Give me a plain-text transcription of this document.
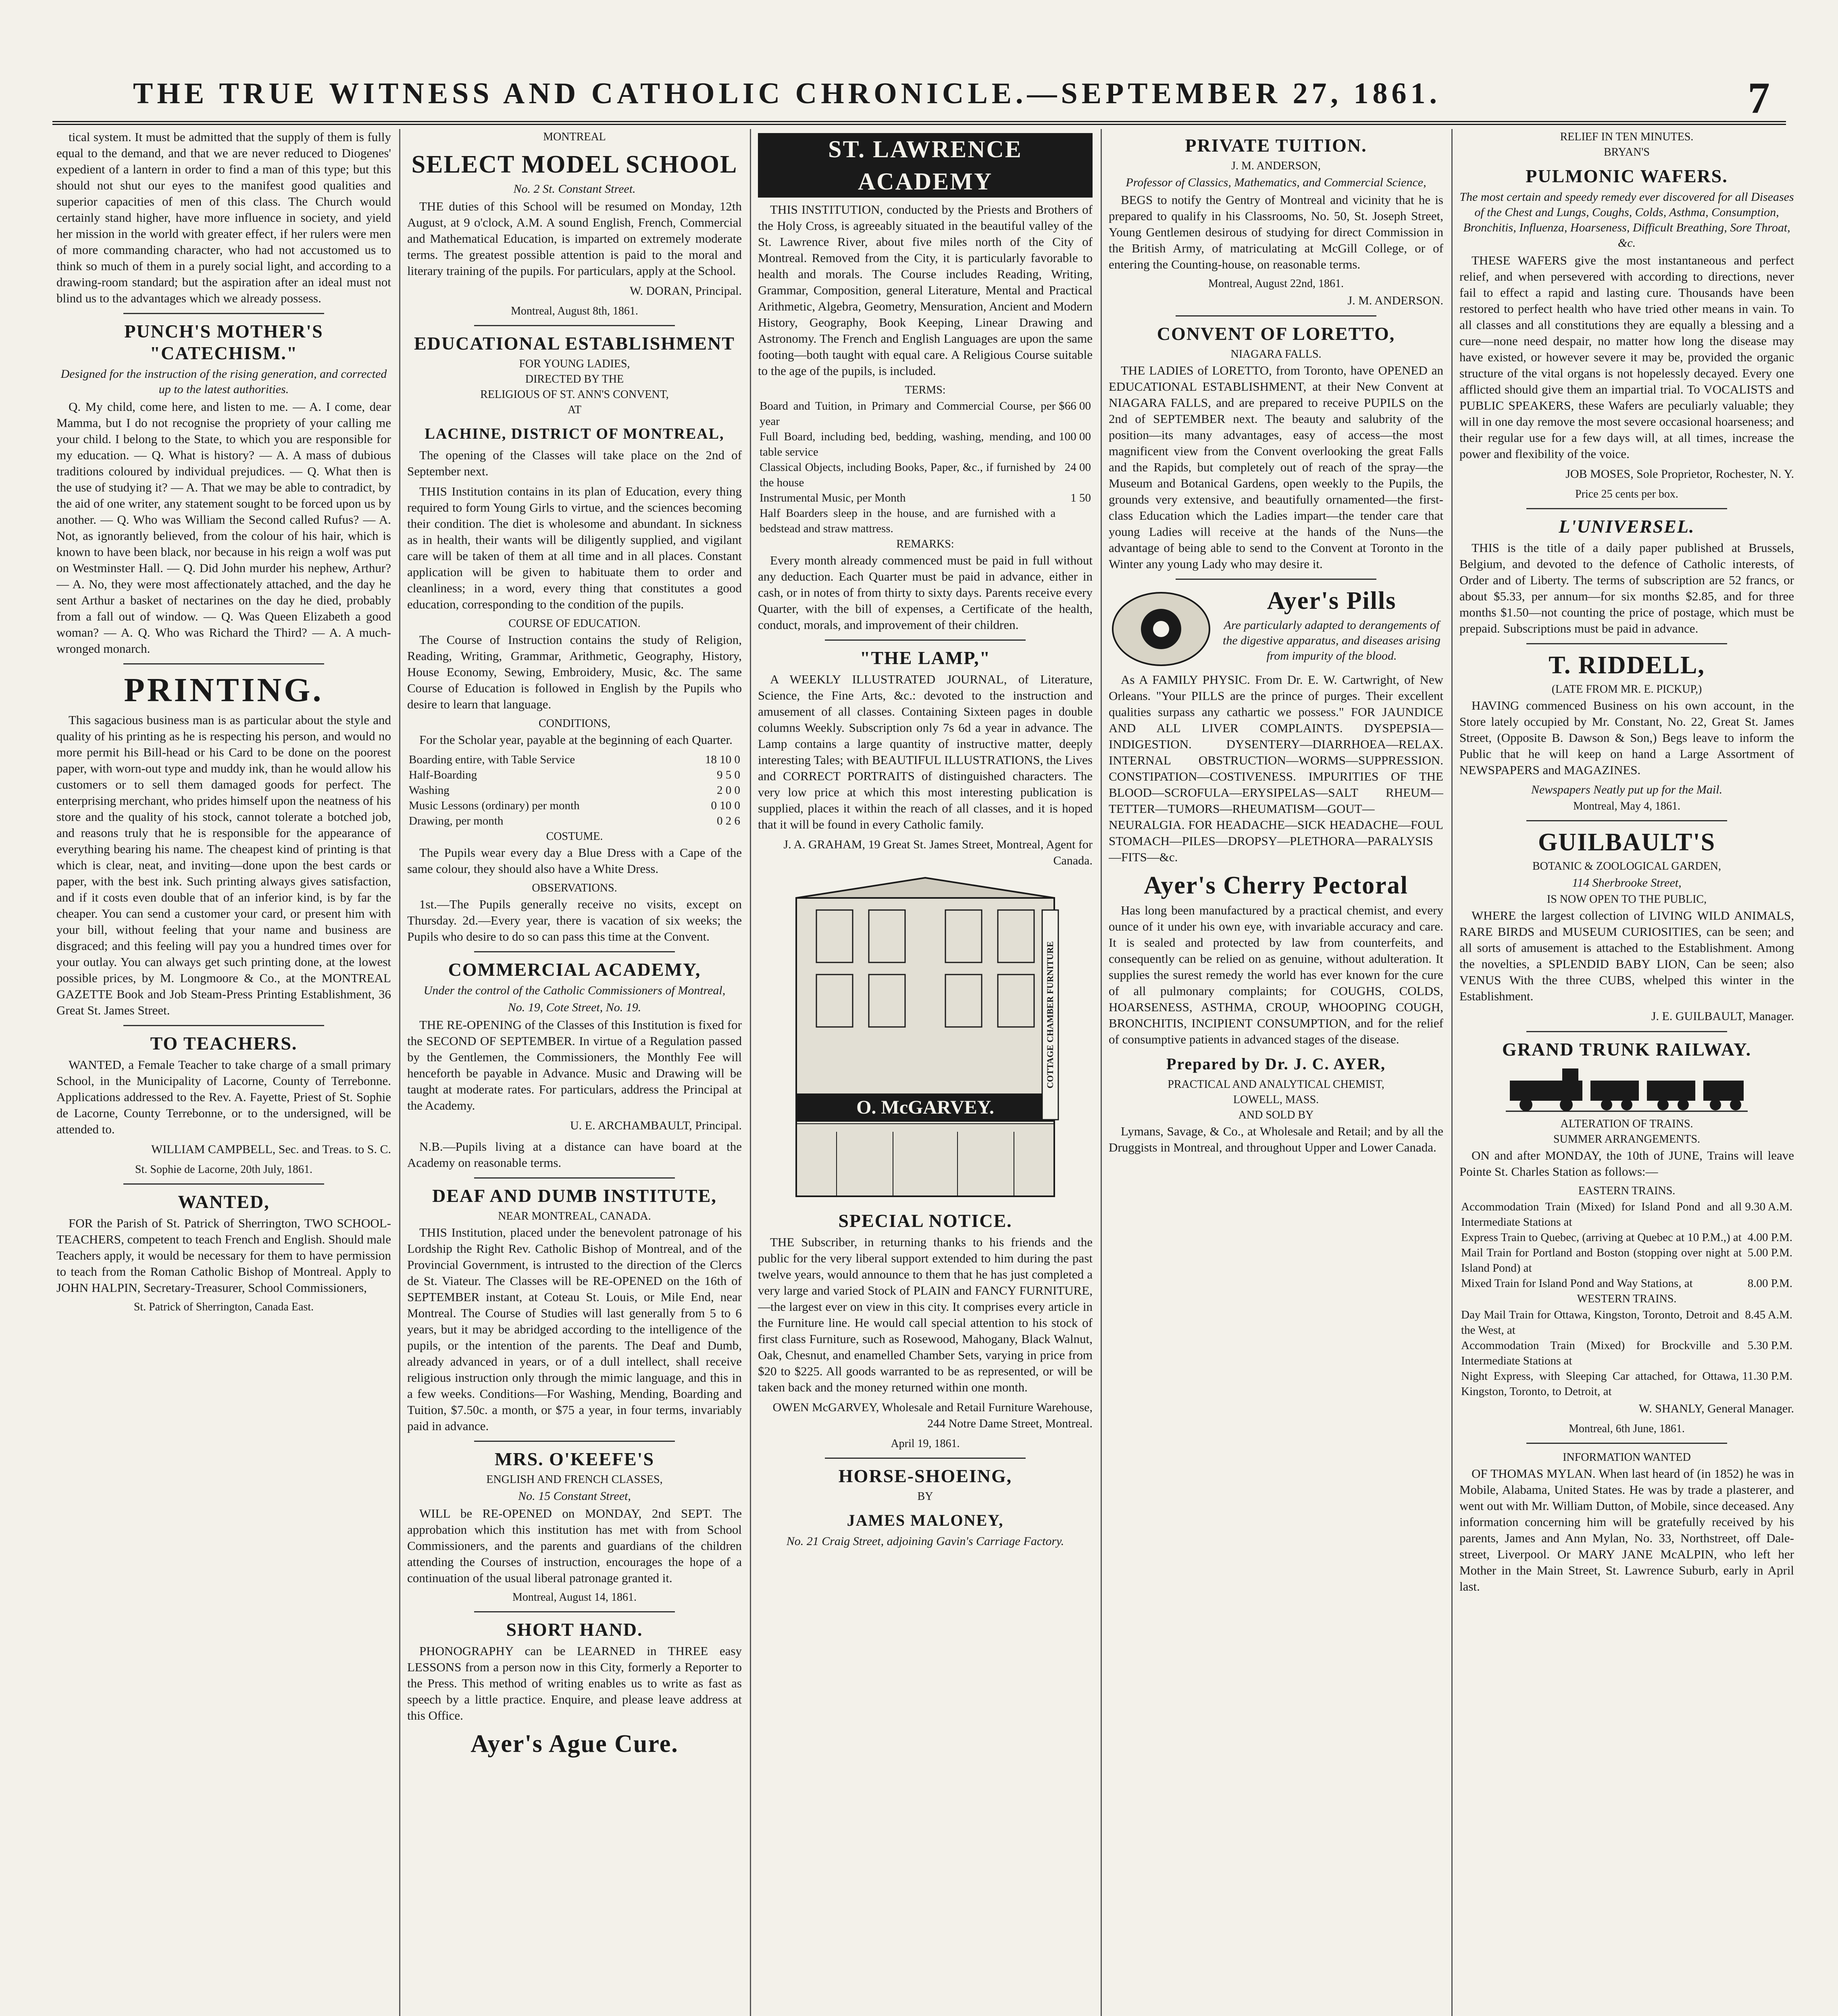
THE TRUE WITNESS AND CATHOLIC CHRONICLE.—SEPTEMBER 27, 1861.	7

tical system. It must be admitted that the supply of them is fully equal to the demand, and that we are never reduced to Diogenes' expedient of a lantern in order to find a man of this type; but this should not shut our eyes to the manifest good qualities and superior capacities of men of this class. The Church would certainly stand higher, have more influence in society, and yield her mission in the world with greater effect, if her rulers were men of more commanding character, who had not accustomed us to think so much of them in a purely social light, and according to a drawing-room standard; but the aspiration after an ideal must not blind us to the advantages which we already possess.

PUNCH'S MOTHER'S "CATECHISM."
Designed for the instruction of the rising generation, and corrected up to the latest authorities.

Q. My child, come here, and listen to me. — A. I come, dear Mamma, but I do not recognise the propriety of your calling me your child. I belong to the State, to which you are responsible for my education. — Q. What is history? — A. A mass of dubious traditions coloured by individual prejudices. — Q. What then is the use of studying it? — A. That we may be able to contradict, by the aid of one writer, any statement sought to be forced upon us by another. — Q. Who was William the Second called Rufus? — A. Not, as ignorantly believed, from the colour of his hair, which is known to have been black, nor because in his reign a wolf was put on Westminster Hall. — Q. Did John murder his nephew, Arthur? — A. No, they were most affectionately attached, and the day he sent Arthur a basket of nectarines on the day he died, probably from a fall out of window. — Q. Was Queen Elizabeth a good woman? — A. Q. Who was Richard the Third? — A. A much-wronged monarch.

PRINTING.

This sagacious business man is as particular about the style and quality of his printing as he is respecting his person, and would no more permit his Bill-head or his Card to be done on the poorest paper, with worn-out type and muddy ink, than he would allow his customers or to sell them damaged goods for perfect. The enterprising merchant, who prides himself upon the neatness of his store and the quality of his stock, cannot tolerate a botched job, and reasons truly that he is responsible for the appearance of everything bearing his name. The cheapest kind of printing is that which is clear, neat, and inviting—done upon the best cards or paper, with the best ink. Such printing always gives satisfaction, and if it costs even double that of an inferior kind, is by far the cheaper. You can send a customer your card, or present him with your bill, without feeling that your name and business are disgraced; and this feeling will pay you a hundred times over for your outlay. You can always get such printing done, at the lowest possible prices, by M. Longmoore & Co., at the MONTREAL GAZETTE Book and Job Steam-Press Printing Establishment, 36 Great St. James Street.

TO TEACHERS.

WANTED, a Female Teacher to take charge of a small primary School, in the Municipality of Lacorne, County of Terrebonne. Applications addressed to the Rev. A. Fayette, Priest of St. Sophie de Lacorne, County Terrebonne, or to the undersigned, will be attended to.

WILLIAM CAMPBELL, Sec. and Treas. to S. C.
St. Sophie de Lacorne, 20th July, 1861.
WANTED,

FOR the Parish of St. Patrick of Sherrington, TWO SCHOOL-TEACHERS, competent to teach French and English. Should male Teachers apply, it would be necessary for them to have permission to teach from the Roman Catholic Bishop of Montreal. Apply to JOHN HALPIN, Secretary-Treasurer, School Commissioners,

St. Patrick of Sherrington, Canada East.
MONTREAL
SELECT MODEL SCHOOL
No. 2 St. Constant Street.

THE duties of this School will be resumed on Monday, 12th August, at 9 o'clock, A.M. A sound English, French, Commercial and Mathematical Education, is imparted on extremely moderate terms. The greatest possible attention is paid to the moral and literary training of the pupils. For particulars, apply at the School.

W. DORAN, Principal.
Montreal, August 8th, 1861.
EDUCATIONAL ESTABLISHMENT
FOR YOUNG LADIES,
DIRECTED BY THE
RELIGIOUS OF ST. ANN'S CONVENT,
AT
LACHINE, DISTRICT OF MONTREAL,

The opening of the Classes will take place on the 2nd of September next.

THIS Institution contains in its plan of Education, every thing required to form Young Girls to virtue, and the sciences becoming their condition. The diet is wholesome and abundant. In sickness as in health, their wants will be diligently supplied, and vigilant care will be taken of them at all time and in all places. Constant application will be given to habituate them to order and cleanliness; in a word, every thing that constitutes a good education, corresponding to the condition of the pupils.

COURSE OF EDUCATION.

The Course of Instruction contains the study of Religion, Reading, Writing, Grammar, Arithmetic, Geography, History, House Economy, Sewing, Embroidery, Music, &c. The same Course of Education is followed in English by the Pupils who desire to learn that language.

CONDITIONS,

For the Scholar year, payable at the beginning of each Quarter.

Boarding entire, with Table Service	18 10 0
Half-Boarding	9 5 0
Washing	2 0 0
Music Lessons (ordinary) per month	0 10 0
Drawing, per month	0 2 6
COSTUME.

The Pupils wear every day a Blue Dress with a Cape of the same colour, they should also have a White Dress.

OBSERVATIONS.

1st.—The Pupils generally receive no visits, except on Thursday. 2d.—Every year, there is vacation of six weeks; the Pupils who desire to do so can pass this time at the Convent.

COMMERCIAL ACADEMY,
Under the control of the Catholic Commissioners of Montreal,
No. 19, Cote Street, No. 19.

THE RE-OPENING of the Classes of this Institution is fixed for the SECOND OF SEPTEMBER. In virtue of a Regulation passed by the Gentlemen, the Commissioners, the Monthly Fee will henceforth be payable in Advance. Music and Drawing will be taught at moderate rates. For particulars, address the Principal at the Academy.

U. E. ARCHAMBAULT, Principal.

N.B.—Pupils living at a distance can have board at the Academy on reasonable terms.

DEAF AND DUMB INSTITUTE,
NEAR MONTREAL, CANADA.

THIS Institution, placed under the benevolent patronage of his Lordship the Right Rev. Catholic Bishop of Montreal, and of the Provincial Government, is intrusted to the direction of the Clercs de St. Viateur. The Classes will be RE-OPENED on the 16th of SEPTEMBER instant, at Coteau St. Louis, or Mile End, near Montreal. The Course of Studies will last generally from 5 to 6 years, but it may be abridged according to the intelligence of the pupils, or the intention of the parents. The Deaf and Dumb, already advanced in years, or of a dull intellect, shall receive religious instruction only through the mimic language, and this in a few weeks. Conditions—For Washing, Mending, Boarding and Tuition, $7.50c. a month, or $75 a year, in four terms, invariably paid in advance.

MRS. O'KEEFE'S
ENGLISH AND FRENCH CLASSES,
No. 15 Constant Street,

WILL be RE-OPENED on MONDAY, 2nd SEPT. The approbation which this institution has met with from School Commissioners, and the parents and guardians of the children attending the Courses of instruction, encourages the hope of a continuation of the usual liberal patronage granted it.

Montreal, August 14, 1861.
SHORT HAND.

PHONOGRAPHY can be LEARNED in THREE easy LESSONS from a person now in this City, formerly a Reporter to the Press. This method of writing enables us to write as fast as speech by a little practice. Enquire, and please leave address at this Office.

Ayer's Ague Cure.
ST. LAWRENCE ACADEMY

THIS INSTITUTION, conducted by the Priests and Brothers of the Holy Cross, is agreeably situated in the beautiful valley of the St. Lawrence River, about five miles north of the City of Montreal. Removed from the City, it is particularly favorable to health and morals. The Course includes Reading, Writing, Grammar, Composition, general Literature, Mental and Practical Arithmetic, Algebra, Geometry, Mensuration, Ancient and Modern History, Geography, Book Keeping, Linear Drawing and Astronomy. The French and English Languages are upon the same footing—both taught with equal care. A Religious Course suitable to the age of the pupils, is included.

TERMS:
Board and Tuition, in Primary and Commercial Course, per year	$66 00
Full Board, including bed, bedding, washing, mending, and table service	100 00
Classical Objects, including Books, Paper, &c., if furnished by the house	24 00
Instrumental Music, per Month	1 50
Half Boarders sleep in the house, and are furnished with a bedstead and straw mattress.	
REMARKS:

Every month already commenced must be paid in full without any deduction. Each Quarter must be paid in advance, either in cash, or in notes of from thirty to sixty days. Parents receive every Quarter, with the bill of expenses, a Certificate of the health, conduct, morals, and improvement of their children.

"THE LAMP,"

A WEEKLY ILLUSTRATED JOURNAL, of Literature, Science, the Fine Arts, &c.: devoted to the instruction and amusement of all classes. Containing Sixteen pages in double columns Weekly. Subscription only 7s 6d a year in advance. The Lamp contains a large quantity of instructive matter, deeply interesting Tales; with BEAUTIFUL ILLUSTRATIONS, the Lives and CORRECT PORTRAITS of distinguished characters. The very low price at which this most interesting publication is supplied, places it within the reach of all classes, and it is hoped that it will be found in every Catholic family.

J. A. GRAHAM, 19 Great St. James Street, Montreal, Agent for Canada.
O. McGARVEY.
COTTAGE CHAMBER FURNITURE
SPECIAL NOTICE.

THE Subscriber, in returning thanks to his friends and the public for the very liberal support extended to him during the past twelve years, would announce to them that he has just completed a very large and varied Stock of PLAIN and FANCY FURNITURE,—the largest ever on view in this city. It comprises every article in the Furniture line. He would call special attention to his stock of first class Furniture, such as Rosewood, Mahogany, Black Walnut, Oak, Chesnut, and enamelled Chamber Sets, varying in price from $20 to $225. All goods warranted to be as represented, or will be taken back and the money returned within one month.

OWEN McGARVEY, Wholesale and Retail Furniture Warehouse, 244 Notre Dame Street, Montreal.
April 19, 1861.
HORSE-SHOEING,
BY
JAMES MALONEY,
No. 21 Craig Street, adjoining Gavin's Carriage Factory.
PRIVATE TUITION.
J. M. ANDERSON,
Professor of Classics, Mathematics, and Commercial Science,

BEGS to notify the Gentry of Montreal and vicinity that he is prepared to qualify in his Classrooms, No. 50, St. Joseph Street, Young Gentlemen desirous of studying for direct Commission in the British Army, of matriculating at McGill College, or of entering the Counting-house, on reasonable terms.

Montreal, August 22nd, 1861.
J. M. ANDERSON.
CONVENT OF LORETTO,
NIAGARA FALLS.

THE LADIES of LORETTO, from Toronto, have OPENED an EDUCATIONAL ESTABLISHMENT, at their New Convent at NIAGARA FALLS, and are prepared to receive PUPILS on the 2nd of SEPTEMBER next. The beauty and salubrity of the position—its many advantages, easy of access—the most magnificent view from the Convent overlooking the great Falls and the Rapids, but completely out of reach of the spray—the Museum and Botanical Gardens, open weekly to the Pupils, the grounds very extensive, and beautifully ornamented—the first-class Education which the Ladies impart—the tender care that young Ladies will receive at the hands of the Nuns—the advantage of being able to send to the Convent at Toronto in the Winter any young Lady who may desire it.

Ayer's Pills
Are particularly adapted to derangements of the digestive apparatus, and diseases arising from impurity of the blood.

As A FAMILY PHYSIC. From Dr. E. W. Cartwright, of New Orleans. "Your PILLS are the prince of purges. Their excellent qualities surpass any cathartic we possess." FOR JAUNDICE AND ALL LIVER COMPLAINTS. DYSPEPSIA—INDIGESTION. DYSENTERY—DIARRHOEA—RELAX. INTERNAL OBSTRUCTION—WORMS—SUPPRESSION. CONSTIPATION—COSTIVENESS. IMPURITIES OF THE BLOOD—SCROFULA—ERYSIPELAS—SALT RHEUM—TETTER—TUMORS—RHEUMATISM—GOUT—NEURALGIA. FOR HEADACHE—SICK HEADACHE—FOUL STOMACH—PILES—DROPSY—PLETHORA—PARALYSIS—FITS—&c.

Ayer's Cherry Pectoral

Has long been manufactured by a practical chemist, and every ounce of it under his own eye, with invariable accuracy and care. It is sealed and protected by law from counterfeits, and consequently can be relied on as genuine, without adulteration. It supplies the surest remedy the world has ever known for the cure of all pulmonary complaints; for COUGHS, COLDS, HOARSENESS, ASTHMA, CROUP, WHOOPING COUGH, BRONCHITIS, INCIPIENT CONSUMPTION, and for the relief of consumptive patients in advanced stages of the disease.

Prepared by Dr. J. C. AYER,
PRACTICAL AND ANALYTICAL CHEMIST,
LOWELL, MASS.
AND SOLD BY

Lymans, Savage, & Co., at Wholesale and Retail; and by all the Druggists in Montreal, and throughout Upper and Lower Canada.

RELIEF IN TEN MINUTES.
BRYAN'S
PULMONIC WAFERS.
The most certain and speedy remedy ever discovered for all Diseases of the Chest and Lungs, Coughs, Colds, Asthma, Consumption, Bronchitis, Influenza, Hoarseness, Difficult Breathing, Sore Throat, &c.

THESE WAFERS give the most instantaneous and perfect relief, and when persevered with according to directions, never fail to effect a rapid and lasting cure. Thousands have been restored to perfect health who have tried other means in vain. To all classes and all constitutions they are equally a blessing and a cure—none need despair, no matter how long the disease may have existed, or however severe it may be, provided the organic structure of the vital organs is not hopelessly decayed. Every one afflicted should give them an impartial trial. To VOCALISTS and PUBLIC SPEAKERS, these Wafers are peculiarly valuable; they will in one day remove the most severe occasional hoarseness; and their regular use for a few days will, at all times, increase the power and flexibility of the voice.

JOB MOSES, Sole Proprietor, Rochester, N. Y.
Price 25 cents per box.
L'UNIVERSEL.

THIS is the title of a daily paper published at Brussels, Belgium, and devoted to the defence of Catholic interests, of Order and of Liberty. The terms of subscription are 52 francs, or about $5.33, per annum—for six months $2.85, and for three months $1.50—not counting the price of postage, which must be prepaid. Subscriptions must be paid in advance.

T. RIDDELL,
(LATE FROM MR. E. PICKUP,)

HAVING commenced Business on his own account, in the Store lately occupied by Mr. Constant, No. 22, Great St. James Street, (Opposite B. Dawson & Son,) Begs leave to inform the Public that he will keep on hand a Large Assortment of NEWSPAPERS and MAGAZINES.

Newspapers Neatly put up for the Mail.
Montreal, May 4, 1861.
GUILBAULT'S
BOTANIC & ZOOLOGICAL GARDEN,
114 Sherbrooke Street,
IS NOW OPEN TO THE PUBLIC,

WHERE the largest collection of LIVING WILD ANIMALS, RARE BIRDS and MUSEUM CURIOSITIES, can be seen; and all sorts of amusement is attached to the Establishment. Among the novelties, a SPLENDID BABY LION, Can be seen; also VENUS With the three CUBS, whelped this winter in the Establishment.

J. E. GUILBAULT, Manager.
GRAND TRUNK RAILWAY.
ALTERATION OF TRAINS.
SUMMER ARRANGEMENTS.

ON and after MONDAY, the 10th of JUNE, Trains will leave Pointe St. Charles Station as follows:—

EASTERN TRAINS.
Accommodation Train (Mixed) for Island Pond and all Intermediate Stations at	9.30 A.M.
Express Train to Quebec, (arriving at Quebec at 10 P.M.,) at	4.00 P.M.
Mail Train for Portland and Boston (stopping over night at Island Pond) at	5.00 P.M.
Mixed Train for Island Pond and Way Stations, at	8.00 P.M.
WESTERN TRAINS.
Day Mail Train for Ottawa, Kingston, Toronto, Detroit and the West, at	8.45 A.M.
Accommodation Train (Mixed) for Brockville and Intermediate Stations at	5.30 P.M.
Night Express, with Sleeping Car attached, for Ottawa, Kingston, Toronto, to Detroit, at	11.30 P.M.
W. SHANLY, General Manager.
Montreal, 6th June, 1861.
INFORMATION WANTED

OF THOMAS MYLAN. When last heard of (in 1852) he was in Mobile, Alabama, United States. He was by trade a plasterer, and went out with Mr. William Dutton, of Mobile, since deceased. Any information concerning him will be gratefully received by his parents, James and Ann Mylan, No. 33, Northstreet, off Dale-street, Liverpool. Or MARY JANE McALPIN, who left her Mother in the Main Street, St. Lawrence Suburb, early in April last.
